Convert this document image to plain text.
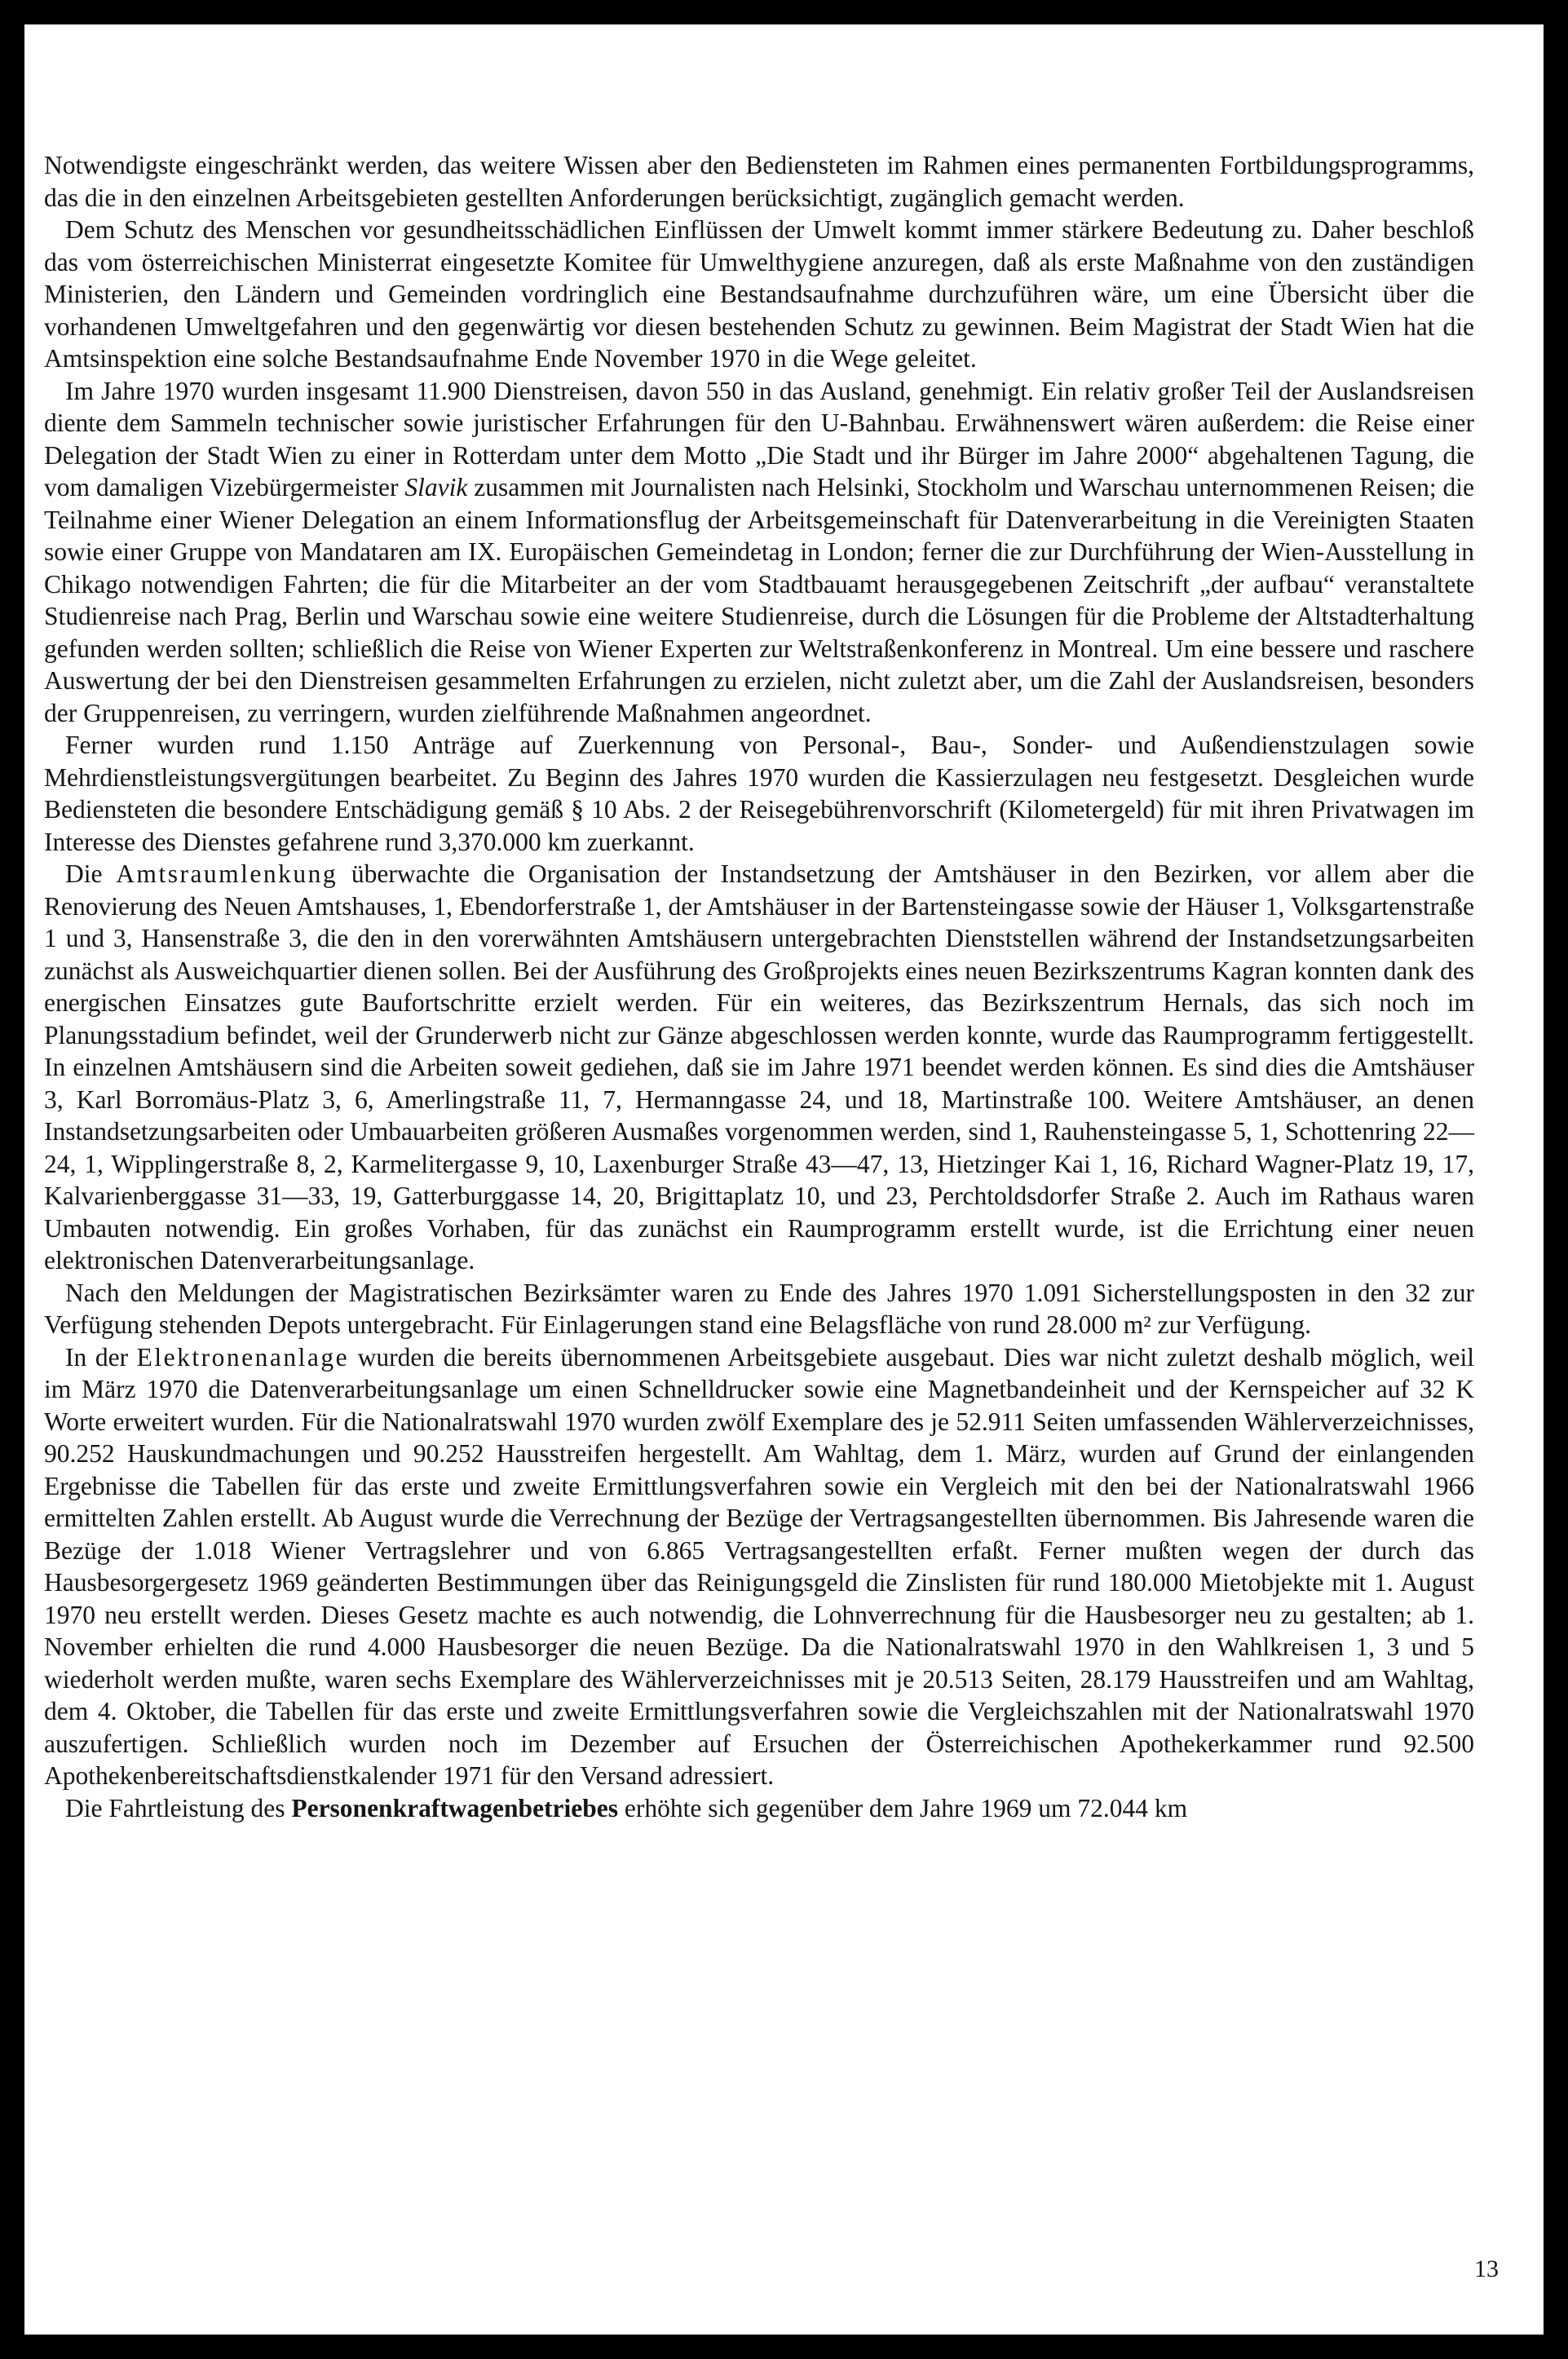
Notwendigste eingeschränkt werden, das weitere Wissen aber den Bediensteten im Rahmen eines permanenten Fortbildungsprogramms, das die in den einzelnen Arbeitsgebieten gestellten Anforderungen berücksichtigt, zugänglich gemacht werden.

Dem Schutz des Menschen vor gesundheitsschädlichen Einflüssen der Umwelt kommt immer stärkere Bedeutung zu. Daher beschloß das vom österreichischen Ministerrat eingesetzte Komitee für Umwelthygiene anzuregen, daß als erste Maßnahme von den zuständigen Ministerien, den Ländern und Gemeinden vordringlich eine Bestandsaufnahme durchzuführen wäre, um eine Übersicht über die vorhandenen Umweltgefahren und den gegenwärtig vor diesen bestehenden Schutz zu gewinnen. Beim Magistrat der Stadt Wien hat die Amtsinspektion eine solche Bestandsaufnahme Ende November 1970 in die Wege geleitet.

Im Jahre 1970 wurden insgesamt 11.900 Dienstreisen, davon 550 in das Ausland, genehmigt. Ein relativ großer Teil der Auslandsreisen diente dem Sammeln technischer sowie juristischer Erfahrungen für den U-Bahnbau. Erwähnenswert wären außerdem: die Reise einer Delegation der Stadt Wien zu einer in Rotterdam unter dem Motto „Die Stadt und ihr Bürger im Jahre 2000“ abgehaltenen Tagung, die vom damaligen Vizebürgermeister Slavik zusammen mit Journalisten nach Helsinki, Stockholm und Warschau unternommenen Reisen; die Teilnahme einer Wiener Delegation an einem Informationsflug der Arbeitsgemeinschaft für Datenverarbeitung in die Vereinigten Staaten sowie einer Gruppe von Mandataren am IX. Europäischen Gemeindetag in London; ferner die zur Durchführung der Wien-Ausstellung in Chikago notwendigen Fahrten; die für die Mitarbeiter an der vom Stadtbauamt herausgegebenen Zeitschrift „der aufbau“ veranstaltete Studienreise nach Prag, Berlin und Warschau sowie eine weitere Studienreise, durch die Lösungen für die Probleme der Altstadterhaltung gefunden werden sollten; schließlich die Reise von Wiener Experten zur Weltstraßenkonferenz in Montreal. Um eine bessere und raschere Auswertung der bei den Dienstreisen gesammelten Erfahrungen zu erzielen, nicht zuletzt aber, um die Zahl der Auslandsreisen, besonders der Gruppenreisen, zu verringern, wurden zielführende Maßnahmen angeordnet.

Ferner wurden rund 1.150 Anträge auf Zuerkennung von Personal-, Bau-, Sonder- und Außendienstzulagen sowie Mehrdienstleistungsvergütungen bearbeitet. Zu Beginn des Jahres 1970 wurden die Kassierzulagen neu festgesetzt. Desgleichen wurde Bediensteten die besondere Entschädigung gemäß § 10 Abs. 2 der Reisegebührenvorschrift (Kilometergeld) für mit ihren Privatwagen im Interesse des Dienstes gefahrene rund 3,370.000 km zuerkannt.

Die Amtsraumlenkung überwachte die Organisation der Instandsetzung der Amtshäuser in den Bezirken, vor allem aber die Renovierung des Neuen Amtshauses, 1, Ebendorferstraße 1, der Amtshäuser in der Bartensteingasse sowie der Häuser 1, Volksgartenstraße 1 und 3, Hansenstraße 3, die den in den vorerwähnten Amtshäusern untergebrachten Dienststellen während der Instandsetzungsarbeiten zunächst als Ausweichquartier dienen sollen. Bei der Ausführung des Großprojekts eines neuen Bezirkszentrums Kagran konnten dank des energischen Einsatzes gute Baufortschritte erzielt werden. Für ein weiteres, das Bezirkszentrum Hernals, das sich noch im Planungsstadium befindet, weil der Grunderwerb nicht zur Gänze abgeschlossen werden konnte, wurde das Raumprogramm fertiggestellt. In einzelnen Amtshäusern sind die Arbeiten soweit gediehen, daß sie im Jahre 1971 beendet werden können. Es sind dies die Amtshäuser 3, Karl Borromäus-Platz 3, 6, Amerlingstraße 11, 7, Hermanngasse 24, und 18, Martinstraße 100. Weitere Amtshäuser, an denen Instandsetzungsarbeiten oder Umbauarbeiten größeren Ausmaßes vorgenommen werden, sind 1, Rauhensteingasse 5, 1, Schottenring 22—24, 1, Wipplingerstraße 8, 2, Karmelitergasse 9, 10, Laxenburger Straße 43—47, 13, Hietzinger Kai 1, 16, Richard Wagner-Platz 19, 17, Kalvarienberggasse 31—33, 19, Gatterburggasse 14, 20, Brigittaplatz 10, und 23, Perchtoldsdorfer Straße 2. Auch im Rathaus waren Umbauten notwendig. Ein großes Vorhaben, für das zunächst ein Raumprogramm erstellt wurde, ist die Errichtung einer neuen elektronischen Datenverarbeitungsanlage.

Nach den Meldungen der Magistratischen Bezirksämter waren zu Ende des Jahres 1970 1.091 Sicherstellungsposten in den 32 zur Verfügung stehenden Depots untergebracht. Für Einlagerungen stand eine Belagsfläche von rund 28.000 m² zur Verfügung.

In der Elektronenanlage wurden die bereits übernommenen Arbeitsgebiete ausgebaut. Dies war nicht zuletzt deshalb möglich, weil im März 1970 die Datenverarbeitungsanlage um einen Schnelldrucker sowie eine Magnetbandeinheit und der Kernspeicher auf 32 K Worte erweitert wurden. Für die Nationalratswahl 1970 wurden zwölf Exemplare des je 52.911 Seiten umfassenden Wählerverzeichnisses, 90.252 Hauskundmachungen und 90.252 Hausstreifen hergestellt. Am Wahltag, dem 1. März, wurden auf Grund der einlangenden Ergebnisse die Tabellen für das erste und zweite Ermittlungsverfahren sowie ein Vergleich mit den bei der Nationalratswahl 1966 ermittelten Zahlen erstellt. Ab August wurde die Verrechnung der Bezüge der Vertragsangestellten übernommen. Bis Jahresende waren die Bezüge der 1.018 Wiener Vertragslehrer und von 6.865 Vertragsangestellten erfaßt. Ferner mußten wegen der durch das Hausbesorgergesetz 1969 geänderten Bestimmungen über das Reinigungsgeld die Zinslisten für rund 180.000 Mietobjekte mit 1. August 1970 neu erstellt werden. Dieses Gesetz machte es auch notwendig, die Lohnverrechnung für die Hausbesorger neu zu gestalten; ab 1. November erhielten die rund 4.000 Hausbesorger die neuen Bezüge. Da die Nationalratswahl 1970 in den Wahlkreisen 1, 3 und 5 wiederholt werden mußte, waren sechs Exemplare des Wählerverzeichnisses mit je 20.513 Seiten, 28.179 Hausstreifen und am Wahltag, dem 4. Oktober, die Tabellen für das erste und zweite Ermittlungsverfahren sowie die Vergleichszahlen mit der Nationalratswahl 1970 auszufertigen. Schließlich wurden noch im Dezember auf Ersuchen der Österreichischen Apothekerkammer rund 92.500 Apothekenbereitschaftsdienstkalender 1971 für den Versand adressiert.

Die Fahrtleistung des Personenkraftwagenbetriebes erhöhte sich gegenüber dem Jahre 1969 um 72.044 km

13
